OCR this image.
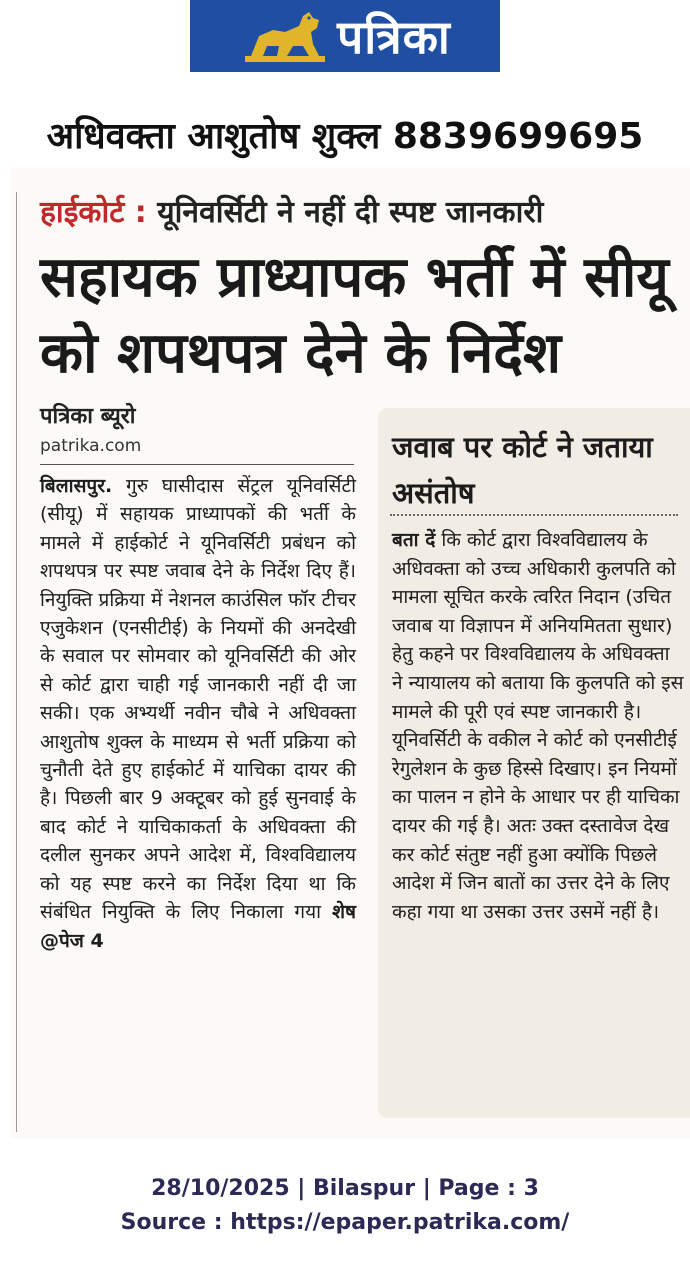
पत्रिका
अधिवक्ता आशुतोष शुक्ल 8839699695
हाईकोर्ट : यूनिवर्सिटी ने नहीं दी स्पष्ट जानकारी
सहायक प्राध्यापक भर्ती में सीयू
को शपथपत्र देने के निर्देश
पत्रिका ब्यूरो
patrika.com
बिलासपुर. गुरु घासीदास सेंट्रल यूनिवर्सिटी (सीयू) में सहायक प्राध्यापकों की भर्ती के मामले में हाईकोर्ट ने यूनिवर्सिटी प्रबंधन को शपथपत्र पर स्पष्ट जवाब देने के निर्देश दिए हैं। नियुक्ति प्रक्रिया में नेशनल काउंसिल फॉर टीचर एजुकेशन (एनसीटीई) के नियमों की अनदेखी के सवाल पर सोमवार को यूनिवर्सिटी की ओर से कोर्ट द्वारा चाही गई जानकारी नहीं दी जा सकी। एक अभ्यर्थी नवीन चौबे ने अधिवक्ता आशुतोष शुक्ल के माध्यम से भर्ती प्रक्रिया को चुनौती देते हुए हाईकोर्ट में याचिका दायर की है। पिछली बार 9 अक्टूबर को हुई सुनवाई के बाद कोर्ट ने याचिकाकर्ता के अधिवक्ता की दलील सुनकर अपने आदेश में, विश्वविद्यालय को यह स्पष्ट करने का निर्देश दिया था कि संबंधित नियुक्ति के लिए निकाला गया शेष @पेज 4
जवाब पर कोर्ट ने जताया असंतोष
बता दें कि कोर्ट द्वारा विश्वविद्यालय के अधिवक्ता को उच्च अधिकारी कुलपति को मामला सूचित करके त्वरित निदान (उचित जवाब या विज्ञापन में अनियमितता सुधार) हेतु कहने पर विश्वविद्यालय के अधिवक्ता ने न्यायालय को बताया कि कुलपति को इस मामले की पूरी एवं स्पष्ट जानकारी है। यूनिवर्सिटी के वकील ने कोर्ट को एनसीटीई रेगुलेशन के कुछ हिस्से दिखाए। इन नियमों का पालन न होने के आधार पर ही याचिका दायर की गई है। अतः उक्त दस्तावेज देख कर कोर्ट संतुष्ट नहीं हुआ क्योंकि पिछले आदेश में जिन बातों का उत्तर देने के लिए कहा गया था उसका उत्तर उसमें नहीं है।
28/10/2025 | Bilaspur | Page : 3
Source : https://epaper.patrika.com/
